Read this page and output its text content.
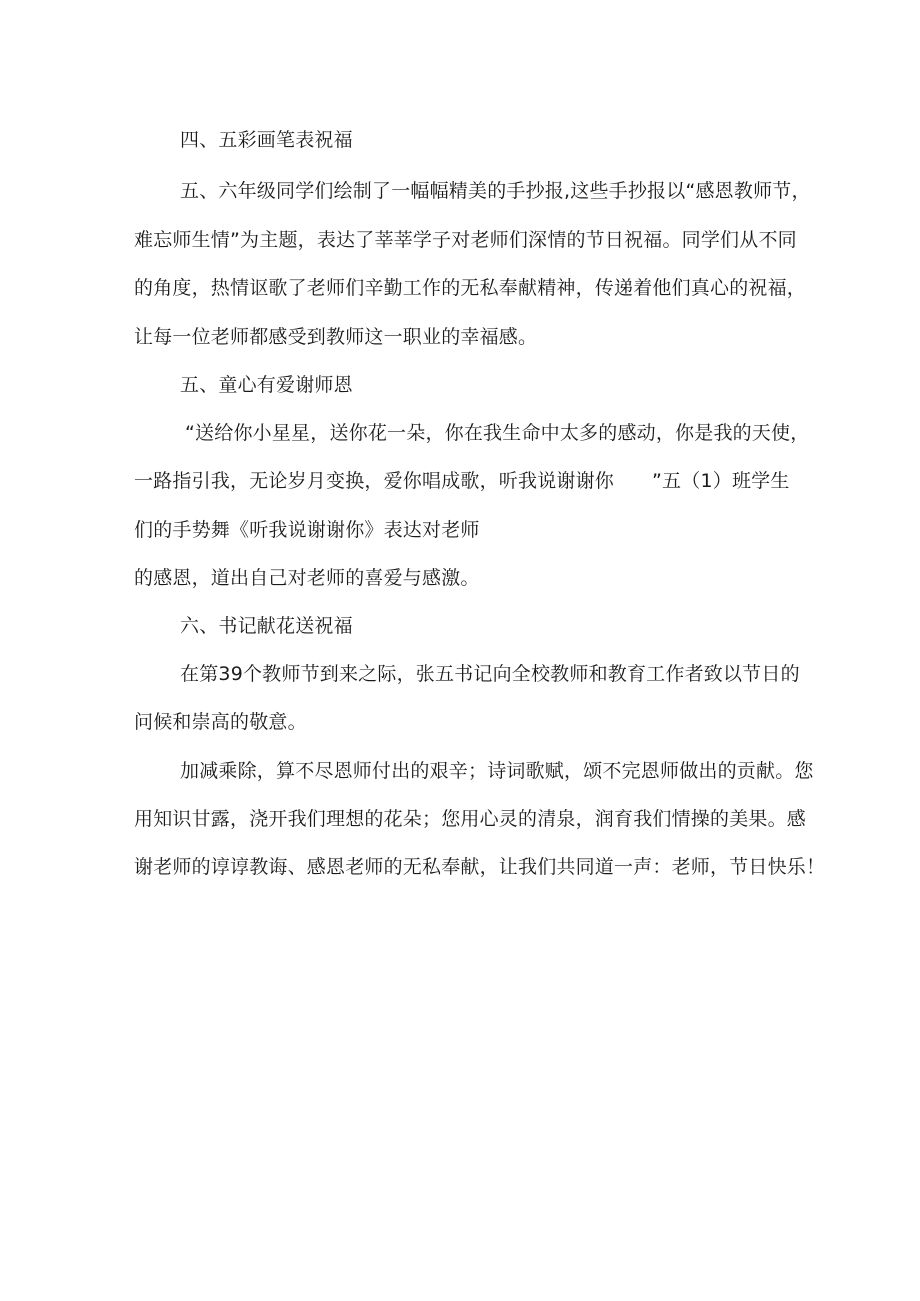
四、五彩画笔表祝福
五、六年级同学们绘制了一幅幅精美的手抄报,这些手抄报以“感恩教师节，
难忘师生情”为主题，表达了莘莘学子对老师们深情的节日祝福。同学们从不同
的角度，热情讴歌了老师们辛勤工作的无私奉献精神，传递着他们真心的祝福，
让每一位老师都感受到教师这一职业的幸福感。
五、童心有爱谢师恩
“送给你小星星，送你花一朵，你在我生命中太多的感动，你是我的天使，
一路指引我，无论岁月变换，爱你唱成歌，听我说谢谢你 ”五（1）班学生
们的手势舞《听我说谢谢你》表达对老师
的感恩，道出自己对老师的喜爱与感激。
六、书记献花送祝福
在第39个教师节到来之际，张五书记向全校教师和教育工作者致以节日的
问候和崇高的敬意。
加减乘除，算不尽恩师付出的艰辛；诗词歌赋，颂不完恩师做出的贡献。您
用知识甘露，浇开我们理想的花朵；您用心灵的清泉，润育我们情操的美果。感
谢老师的谆谆教诲、感恩老师的无私奉献，让我们共同道一声：老师，节日快乐！
